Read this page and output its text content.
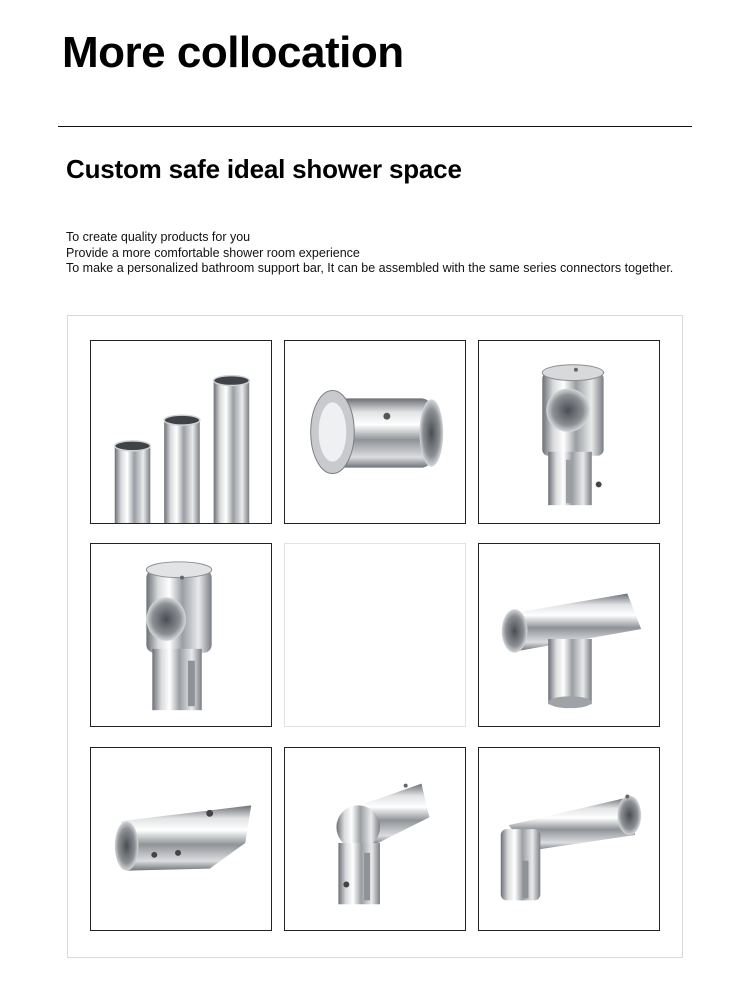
More collocation
Custom safe ideal shower space

To create quality products for you

Provide a more comfortable shower room experience

To make a personalized bathroom support bar, It can be assembled with the same series connectors together.
